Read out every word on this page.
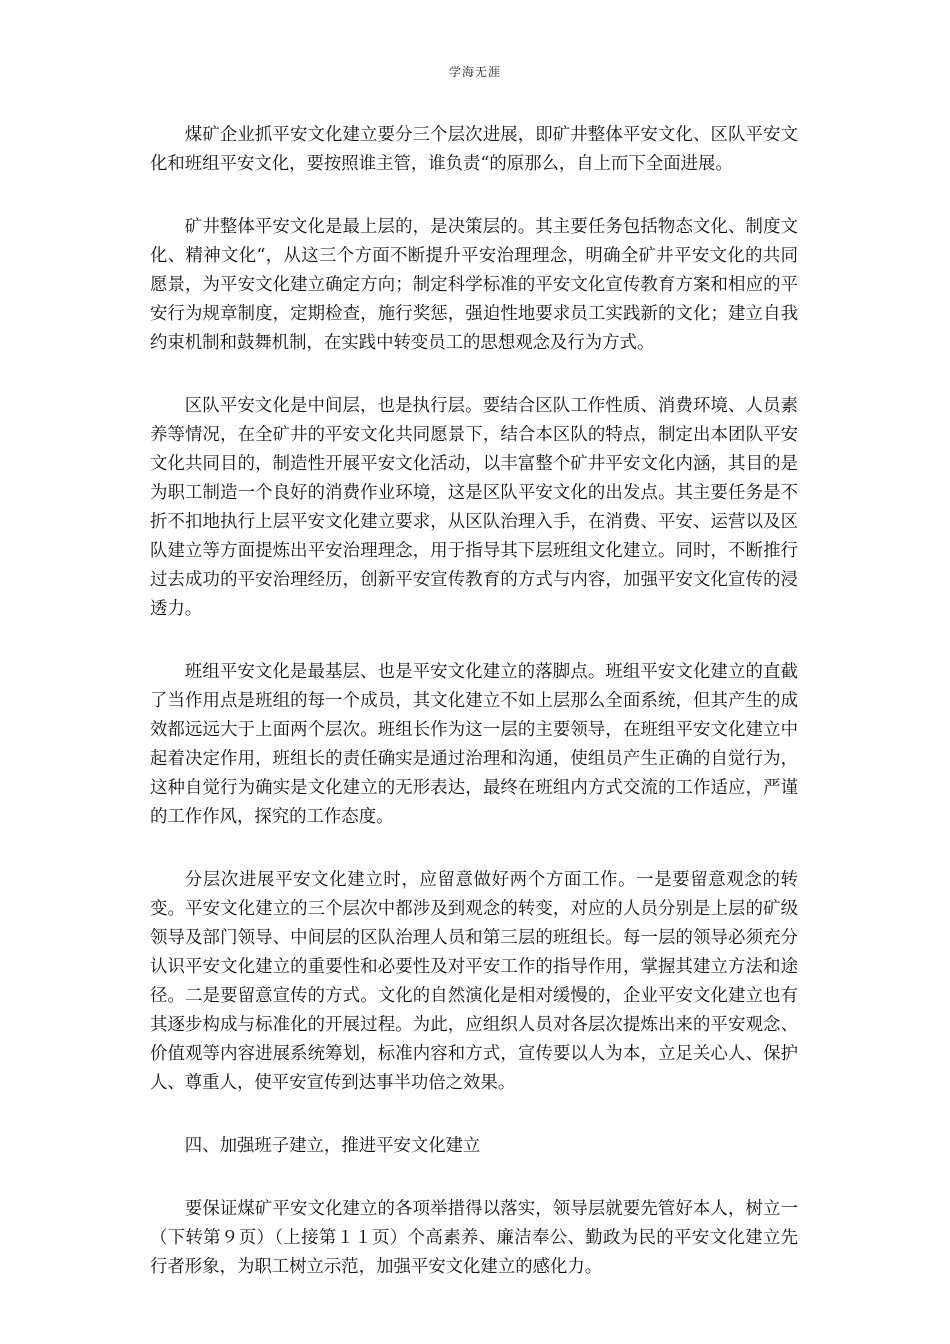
学海无涯

煤矿企业抓平安文化建立要分三个层次进展，即矿井整体平安文化、区队平安文化和班组平安文化，要按照谁主管，谁负责“的原那么，自上而下全面进展。

矿井整体平安文化是最上层的，是决策层的。其主要任务包括物态文化、制度文化、精神文化“，从这三个方面不断提升平安治理理念，明确全矿井平安文化的共同愿景，为平安文化建立确定方向；制定科学标准的平安文化宣传教育方案和相应的平安行为规章制度，定期检查，施行奖惩，强迫性地要求员工实践新的文化；建立自我约束机制和鼓舞机制，在实践中转变员工的思想观念及行为方式。

区队平安文化是中间层，也是执行层。要结合区队工作性质、消费环境、人员素养等情况，在全矿井的平安文化共同愿景下，结合本区队的特点，制定出本团队平安文化共同目的，制造性开展平安文化活动，以丰富整个矿井平安文化内涵，其目的是为职工制造一个良好的消费作业环境，这是区队平安文化的出发点。其主要任务是不折不扣地执行上层平安文化建立要求，从区队治理入手，在消费、平安、运营以及区队建立等方面提炼出平安治理理念，用于指导其下层班组文化建立。同时，不断推行过去成功的平安治理经历，创新平安宣传教育的方式与内容，加强平安文化宣传的浸透力。

班组平安文化是最基层、也是平安文化建立的落脚点。班组平安文化建立的直截了当作用点是班组的每一个成员，其文化建立不如上层那么全面系统，但其产生的成效都远远大于上面两个层次。班组长作为这一层的主要领导，在班组平安文化建立中起着决定作用，班组长的责任确实是通过治理和沟通，使组员产生正确的自觉行为，这种自觉行为确实是文化建立的无形表达，最终在班组内方式交流的工作适应，严谨的工作作风，探究的工作态度。

分层次进展平安文化建立时，应留意做好两个方面工作。一是要留意观念的转变。平安文化建立的三个层次中都涉及到观念的转变，对应的人员分别是上层的矿级领导及部门领导、中间层的区队治理人员和第三层的班组长。每一层的领导必须充分认识平安文化建立的重要性和必要性及对平安工作的指导作用，掌握其建立方法和途径。二是要留意宣传的方式。文化的自然演化是相对缓慢的，企业平安文化建立也有其逐步构成与标准化的开展过程。为此，应组织人员对各层次提炼出来的平安观念、价值观等内容进展系统筹划，标准内容和方式，宣传要以人为本，立足关心人、保护人、尊重人，使平安宣传到达事半功倍之效果。

四、加强班子建立，推进平安文化建立

要保证煤矿平安文化建立的各项举措得以落实，领导层就要先管好本人，树立一（下转第９页）（上接第１１页）个高素养、廉洁奉公、勤政为民的平安文化建立先行者形象，为职工树立示范，加强平安文化建立的感化力。
